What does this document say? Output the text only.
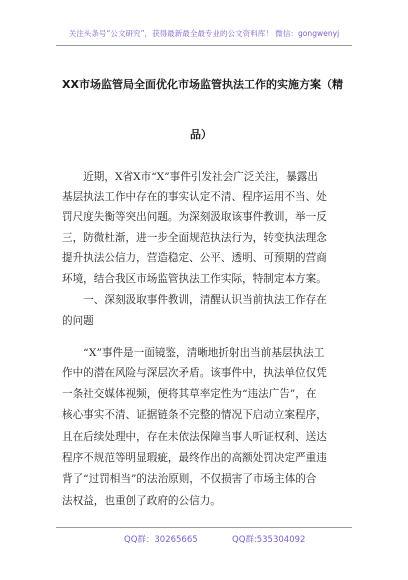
关注头条号“公文研究”，获得最新最全最专业的公文资料库！ 微信：gongwenyj
XX市场监管局全面优化市场监管执法工作的实施方案（精
品）
　　近期，X省X市“X”事件引发社会广泛关注，暴露出
基层执法工作中存在的事实认定不清、程序运用不当、处
罚尺度失衡等突出问题。为深刻汲取该事件教训，举一反
三，防微杜渐，进一步全面规范执法行为，转变执法理念
提升执法公信力，营造稳定、公平、透明、可预期的营商
环境，结合我区市场监管执法工作实际，特制定本方案。
　　一、深刻汲取事件教训，清醒认识当前执法工作存在
的问题
　　“X”事件是一面镜鉴，清晰地折射出当前基层执法工
作中的潜在风险与深层次矛盾。该事件中，执法单位仅凭
一条社交媒体视频，便将其草率定性为“违法广告”，在
核心事实不清、证据链条不完整的情况下启动立案程序，
且在后续处理中，存在未依法保障当事人听证权利、送达
程序不规范等明显瑕疵，最终作出的高额处罚决定严重违
背了“过罚相当”的法治原则，不仅损害了市场主体的合
法权益，也重创了政府的公信力。
QQ群：30265665	QQ群:535304092
